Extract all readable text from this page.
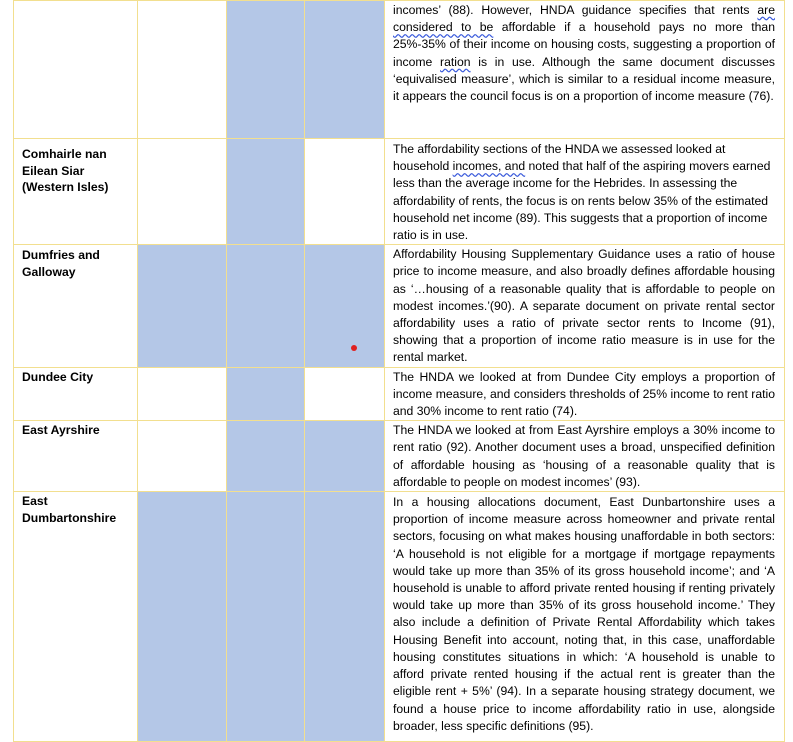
				incomes’ (88). However, HNDA guidance specifies that rents are considered to be affordable if a household pays no more than 25%-35% of their income on housing costs, suggesting a proportion of income ration is in use. Although the same document discusses ‘equivalised measure’, which is similar to a residual income measure, it appears the council focus is on a proportion of income measure (76).
Comhairle nan Eilean Siar (Western Isles)				The affordability sections of the HNDA we assessed looked at household incomes, and noted that half of the aspiring movers earned less than the average income for the Hebrides. In assessing the affordability of rents, the focus is on rents below 35% of the estimated household net income (89). This suggests that a proportion of income ratio is in use.
Dumfries and Galloway				Affordability Housing Supplementary Guidance uses a ratio of house price to income measure, and also broadly defines affordable housing as ‘…housing of a reasonable quality that is affordable to people on modest incomes.’(90). A separate document on private rental sector affordability uses a ratio of private sector rents to Income (91), showing that a proportion of income ratio measure is in use for the rental market.
Dundee City				The HNDA we looked at from Dundee City employs a proportion of income measure, and considers thresholds of 25% income to rent ratio and 30% income to rent ratio (74).
East Ayrshire				The HNDA we looked at from East Ayrshire employs a 30% income to rent ratio (92). Another document uses a broad, unspecified definition of affordable housing as ‘housing of a reasonable quality that is affordable to people on modest incomes’ (93).
East Dumbartonshire				In a housing allocations document, East Dunbartonshire uses a proportion of income measure across homeowner and private rental sectors, focusing on what makes housing unaffordable in both sectors: ‘A household is not eligible for a mortgage if mortgage repayments would take up more than 35% of its gross household income’; and ‘A household is unable to afford private rented housing if renting privately would take up more than 35% of its gross household income.’ They also include a definition of Private Rental Affordability which takes Housing Benefit into account, noting that, in this case, unaffordable housing constitutes situations in which: ‘A household is unable to afford private rented housing if the actual rent is greater than the eligible rent + 5%’ (94). In a separate housing strategy document, we found a house price to income affordability ratio in use, alongside broader, less specific definitions (95).
